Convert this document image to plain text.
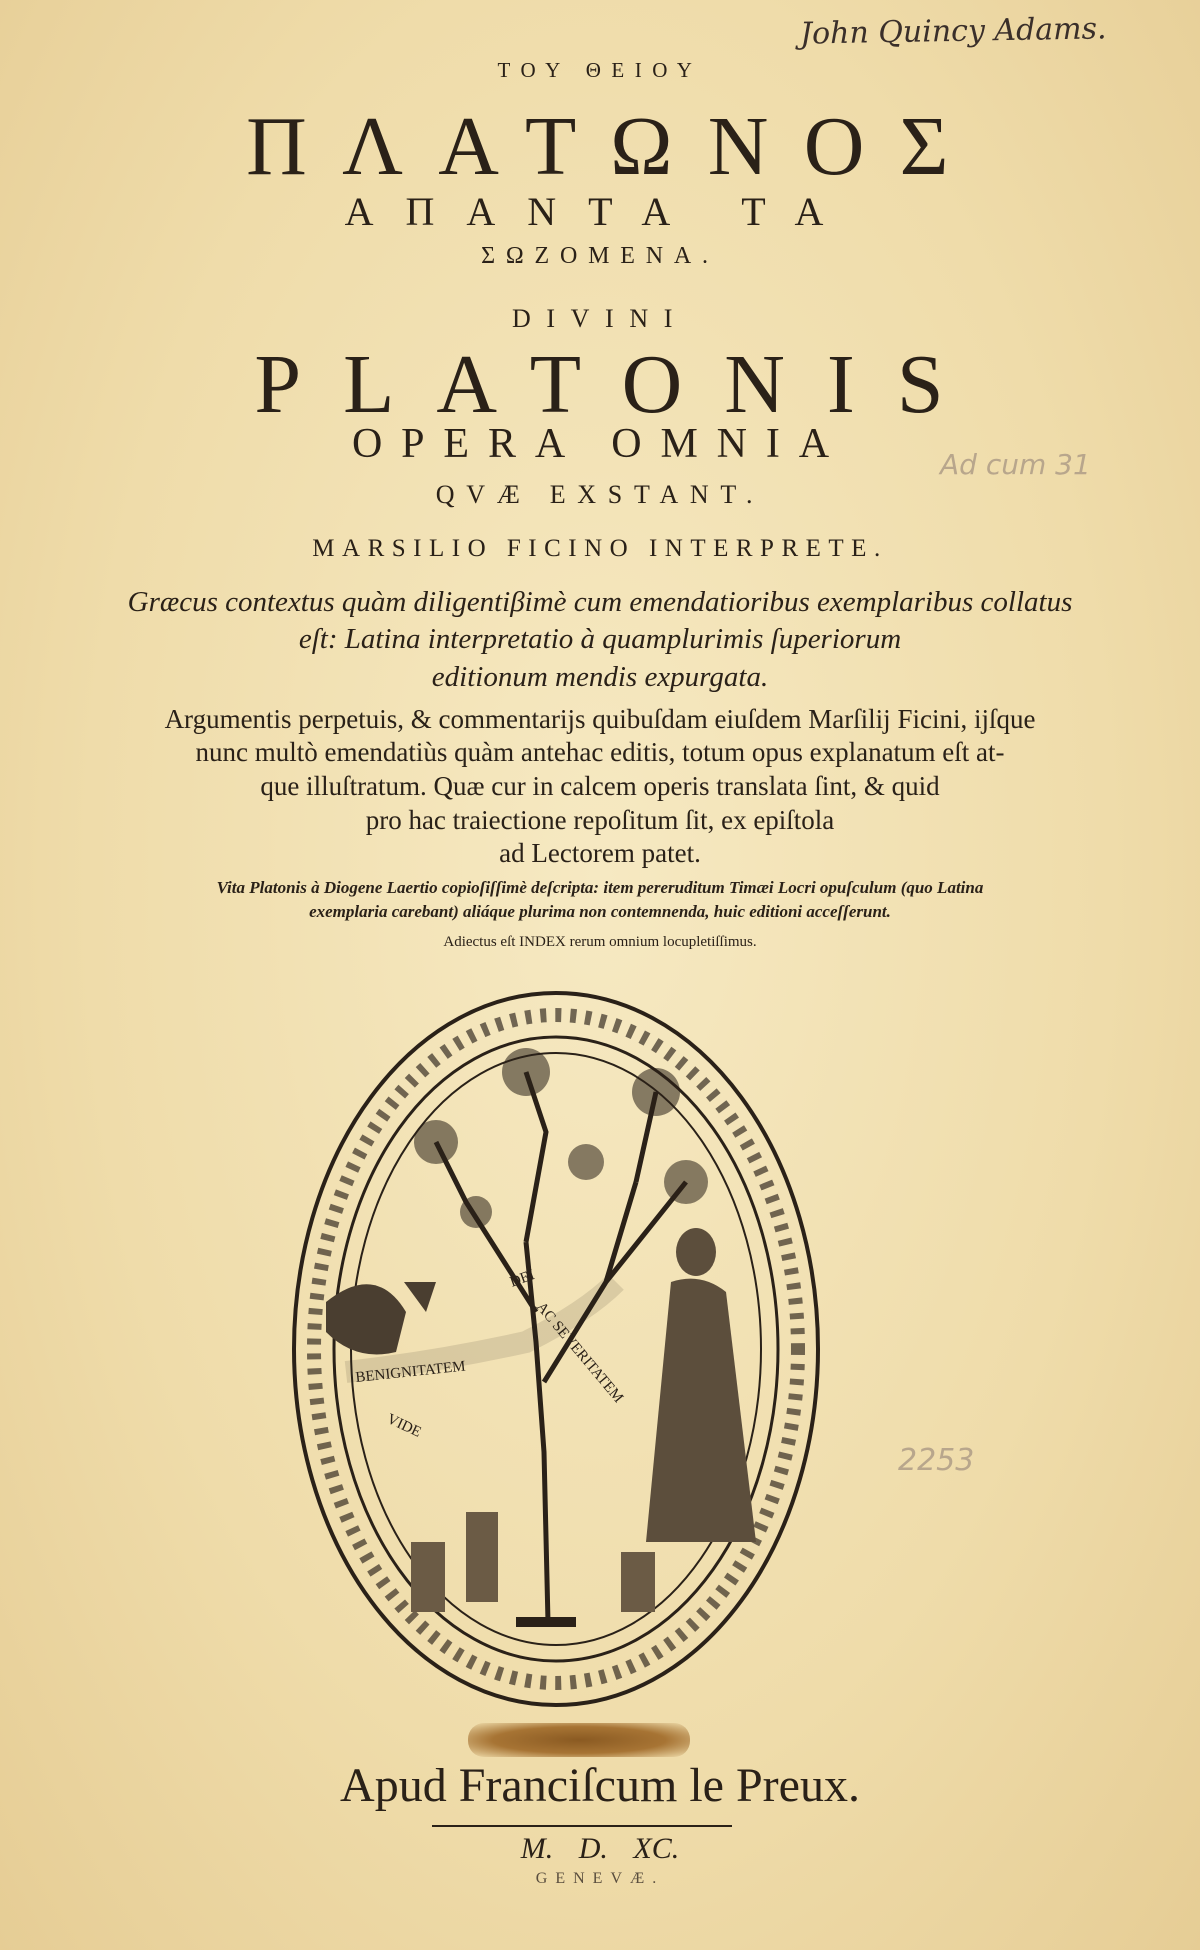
John Quincy Adams.
Ad cum 31
2253
ΤΟΥ ΘΕΙΟΥ
ΠΛΑΤΩΝΟΣ
ΑΠΑΝΤΑ ΤΑ
ΣΩΖΟΜΕΝΑ.
DIVINI
PLATONIS
OPERA OMNIA
QVÆ EXSTANT.
MARSILIO FICINO INTERPRETE.
Græcus contextus quàm diligentiβimè cum emendatioribus exemplaribus collatus
eſt: Latina interpretatio à quamplurimis ſuperiorum
editionum mendis expurgata.
Argumentis perpetuis, & commentarijs quibuſdam eiuſdem Marſilij Ficini, ijſque
nunc multò emendatiùs quàm antehac editis, totum opus explanatum eſt at-
que illuſtratum. Quæ cur in calcem operis translata ſint, & quid
pro hac traiectione repoſitum ſit, ex epiſtola
ad Lectorem patet.
Vita Platonis à Diogene Laertio copioſiſſimè deſcripta: item pereruditum Timæi Locri opuſculum (quo Latina
exemplaria carebant) aliáque plurima non contemnenda, huic editioni acceſſerunt.
Adiectus eſt INDEX rerum omnium locupletiſſimus.
BENIGNITATEM
DEI
AC SEVERITATEM
VIDE
Apud Franciſcum le Preux.
M. D. XC.
GENEVÆ.
